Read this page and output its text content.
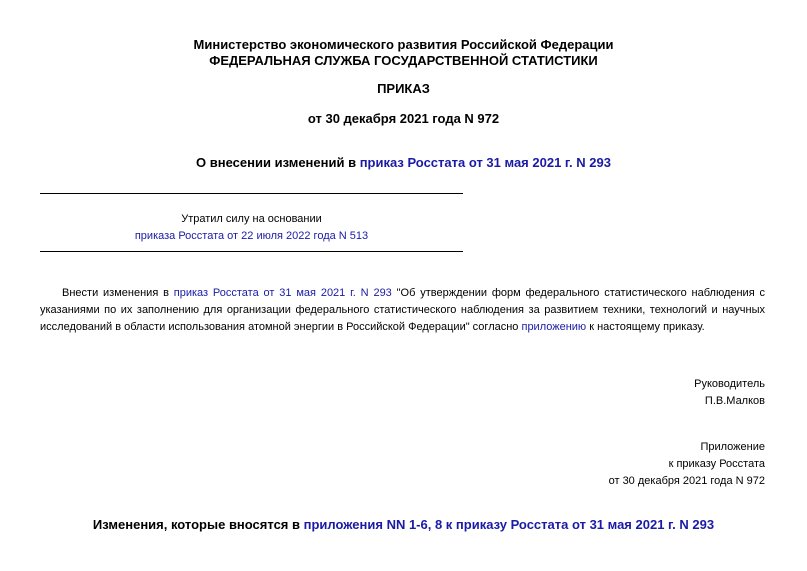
Министерство экономического развития Российской Федерации
ФЕДЕРАЛЬНАЯ СЛУЖБА ГОСУДАРСТВЕННОЙ СТАТИСТИКИ
ПРИКАЗ
от 30 декабря 2021 года N 972
О внесении изменений в приказ Росстата от 31 мая 2021 г. N 293
Утратил силу на основании
приказа Росстата от 22 июля 2022 года N 513
Внести изменения в приказ Росстата от 31 мая 2021 г. N 293 "Об утверждении форм федерального статистического наблюдения с указаниями по их заполнению для организации федерального статистического наблюдения за развитием техники, технологий и научных исследований в области использования атомной энергии в Российской Федерации" согласно приложению к настоящему приказу.
Руководитель
П.В.Малков
Приложение
к приказу Росстата
от 30 декабря 2021 года N 972
Изменения, которые вносятся в приложения NN 1-6, 8 к приказу Росстата от 31 мая 2021 г. N 293
